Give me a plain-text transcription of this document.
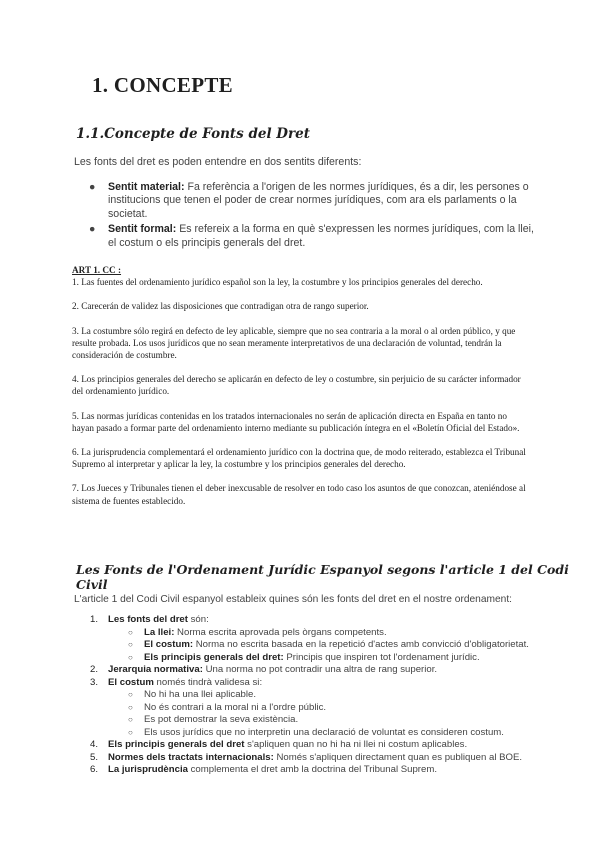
1. CONCEPTE
1.1.Concepte de Fonts del Dret

Les fonts del dret es poden entendre en dos sentits diferents:

● Sentit material: Fa referència a l'origen de les normes jurídiques, és a dir, les persones o institucions que tenen el poder de crear normes jurídiques, com ara els parlaments o la societat.
● Sentit formal: Es refereix a la forma en què s'expressen les normes jurídiques, com la llei, el costum o els principis generals del dret.

ART 1. CC :

1. Las fuentes del ordenamiento jurídico español son la ley, la costumbre y los principios generales del derecho.

2. Carecerán de validez las disposiciones que contradigan otra de rango superior.

3. La costumbre sólo regirá en defecto de ley aplicable, siempre que no sea contraria a la moral o al orden público, y que resulte probada. Los usos jurídicos que no sean meramente interpretativos de una declaración de voluntad, tendrán la consideración de costumbre.

4. Los principios generales del derecho se aplicarán en defecto de ley o costumbre, sin perjuicio de su carácter informador del ordenamiento jurídico.

5. Las normas jurídicas contenidas en los tratados internacionales no serán de aplicación directa en España en tanto no hayan pasado a formar parte del ordenamiento interno mediante su publicación íntegra en el «Boletín Oficial del Estado».

6. La jurisprudencia complementará el ordenamiento jurídico con la doctrina que, de modo reiterado, establezca el Tribunal Supremo al interpretar y aplicar la ley, la costumbre y los principios generales del derecho.

7. Los Jueces y Tribunales tienen el deber inexcusable de resolver en todo caso los asuntos de que conozcan, ateniéndose al sistema de fuentes establecido.

Les Fonts de l'Ordenament Jurídic Espanyol segons l'article 1 del Codi Civil

L'article 1 del Codi Civil espanyol estableix quines són les fonts del dret en el nostre ordenament:

1. Les fonts del dret són:
○ La llei: Norma escrita aprovada pels òrgans competents.
○ El costum: Norma no escrita basada en la repetició d'actes amb convicció d'obligatorietat.
○ Els principis generals del dret: Principis que inspiren tot l'ordenament jurídic.
2. Jerarquia normativa: Una norma no pot contradir una altra de rang superior.
3. El costum només tindrà validesa si:
○ No hi ha una llei aplicable.
○ No és contrari a la moral ni a l'ordre públic.
○ Es pot demostrar la seva existència.
○ Els usos jurídics que no interpretin una declaració de voluntat es consideren costum.
4. Els principis generals del dret s'apliquen quan no hi ha ni llei ni costum aplicables.
5. Normes dels tractats internacionals: Només s'apliquen directament quan es publiquen al BOE.
6. La jurisprudència complementa el dret amb la doctrina del Tribunal Suprem.
